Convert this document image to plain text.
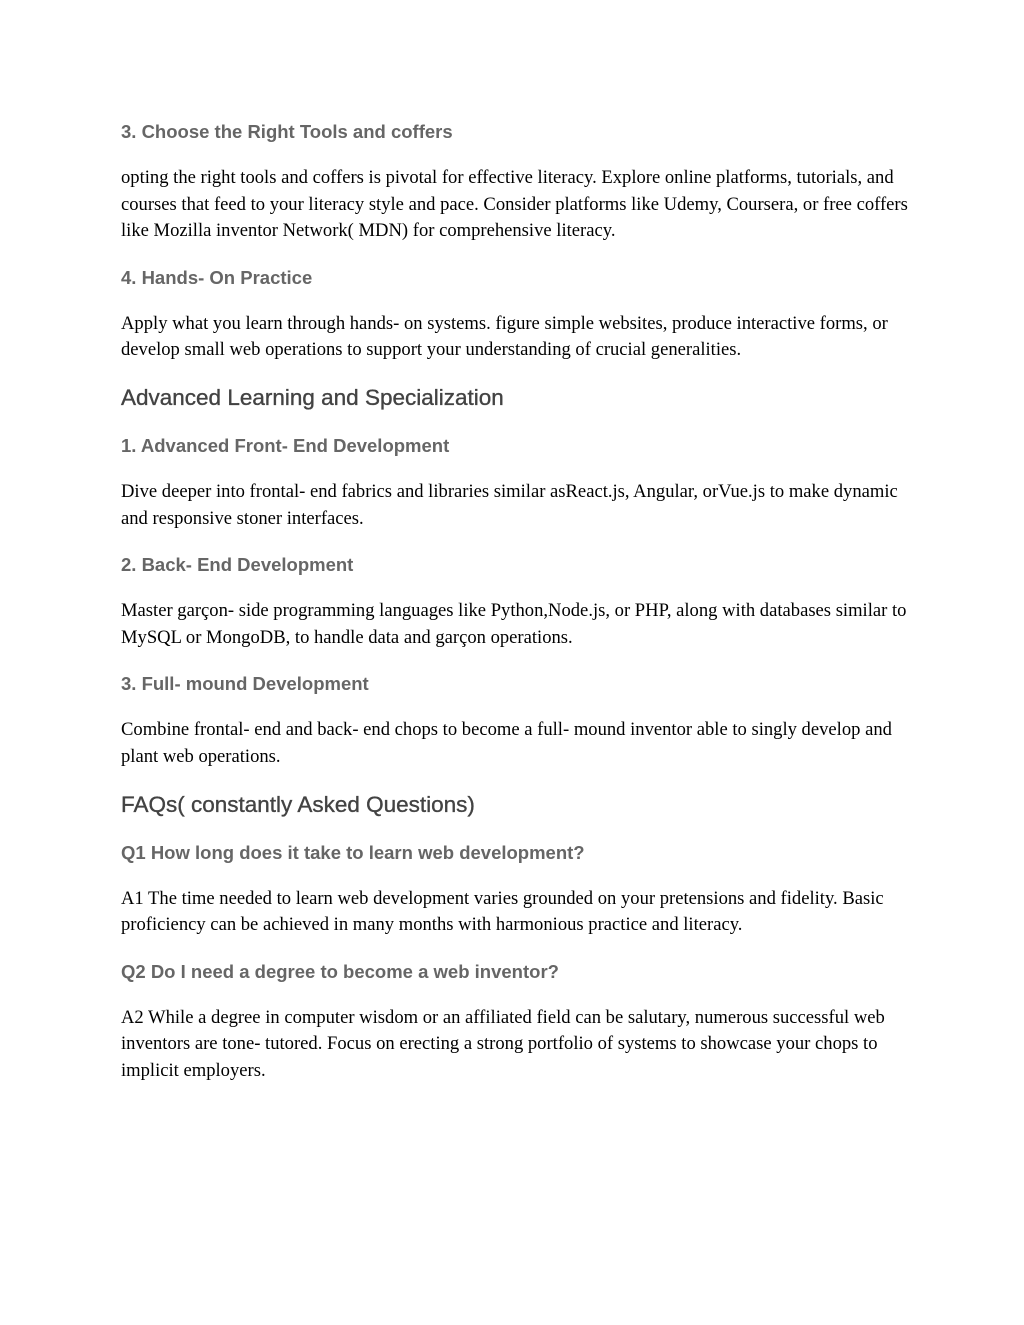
3. Choose the Right Tools and coffers

opting the right tools and coffers is pivotal for effective literacy. Explore online platforms, tutorials, and courses that feed to your literacy style and pace. Consider platforms like Udemy, Coursera, or free coffers like Mozilla inventor Network( MDN) for comprehensive literacy.

4. Hands- On Practice

Apply what you learn through hands- on systems. figure simple websites, produce interactive forms, or develop small web operations to support your understanding of crucial generalities.

Advanced Learning and Specialization
1. Advanced Front- End Development

Dive deeper into frontal- end fabrics and libraries similar asReact.js, Angular, orVue.js to make dynamic and responsive stoner interfaces.

2. Back- End Development

Master garçon- side programming languages like Python,Node.js, or PHP, along with databases similar to MySQL or MongoDB, to handle data and garçon operations.

3. Full- mound Development

Combine frontal- end and back- end chops to become a full- mound inventor able to singly develop and plant web operations.

FAQs( constantly Asked Questions)
Q1 How long does it take to learn web development?

A1 The time needed to learn web development varies grounded on your pretensions and fidelity. Basic proficiency can be achieved in many months with harmonious practice and literacy.

Q2 Do I need a degree to become a web inventor?

A2 While a degree in computer wisdom or an affiliated field can be salutary, numerous successful web inventors are tone- tutored. Focus on erecting a strong portfolio of systems to showcase your chops to implicit employers.
